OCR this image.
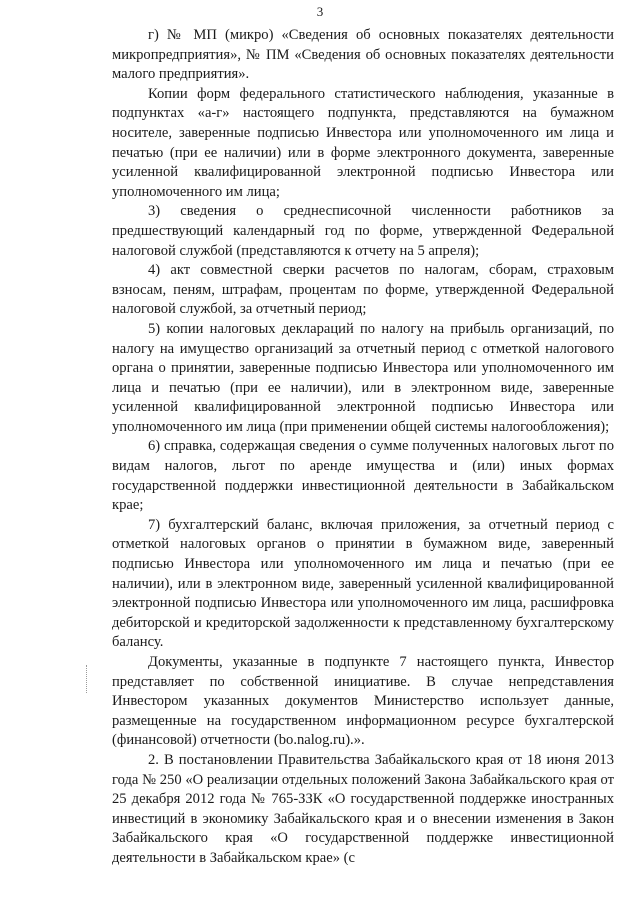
3

г) № МП (микро) «Сведения об основных показателях деятельности микропредприятия», № ПМ «Сведения об основных показателях деятельности малого предприятия».

Копии форм федерального статистического наблюдения, указанные в подпунктах «а-г» настоящего подпункта, представляются на бумажном носителе, заверенные подписью Инвестора или уполномоченного им лица и печатью (при ее наличии) или в форме электронного документа, заверенные усиленной квалифицированной электронной подписью Инвестора или уполномоченного им лица;

3) сведения о среднесписочной численности работников за предшествующий календарный год по форме, утвержденной Федеральной налоговой службой (представляются к отчету на 5 апреля);

4) акт совместной сверки расчетов по налогам, сборам, страховым взносам, пеням, штрафам, процентам по форме, утвержденной Федеральной налоговой службой, за отчетный период;

5) копии налоговых деклараций по налогу на прибыль организаций, по налогу на имущество организаций за отчетный период с отметкой налогового органа о принятии, заверенные подписью Инвестора или уполномоченного им лица и печатью (при ее наличии), или в электронном виде, заверенные усиленной квалифицированной электронной подписью Инвестора или уполномоченного им лица (при применении общей системы налогообложения);

6) справка, содержащая сведения о сумме полученных налоговых льгот по видам налогов, льгот по аренде имущества и (или) иных формах государственной поддержки инвестиционной деятельности в Забайкальском крае;

7) бухгалтерский баланс, включая приложения, за отчетный период с отметкой налоговых органов о принятии в бумажном виде, заверенный подписью Инвестора или уполномоченного им лица и печатью (при ее наличии), или в электронном виде, заверенный усиленной квалифицированной электронной подписью Инвестора или уполномоченного им лица, расшифровка дебиторской и кредиторской задолженности к представленному бухгалтерскому балансу.

Документы, указанные в подпункте 7 настоящего пункта, Инвестор представляет по собственной инициативе. В случае непредставления Инвестором указанных документов Министерство использует данные, размещенные на государственном информационном ресурсе бухгалтерской (финансовой) отчетности (bo.nalog.ru).».

2. В постановлении Правительства Забайкальского края от 18 июня 2013 года № 250 «О реализации отдельных положений Закона Забайкальского края от 25 декабря 2012 года № 765-ЗЗК «О государственной поддержке иностранных инвестиций в экономику Забайкальского края и о внесении изменения в Закон Забайкальского края «О государственной поддержке инвестиционной деятельности в Забайкальском крае» (с
